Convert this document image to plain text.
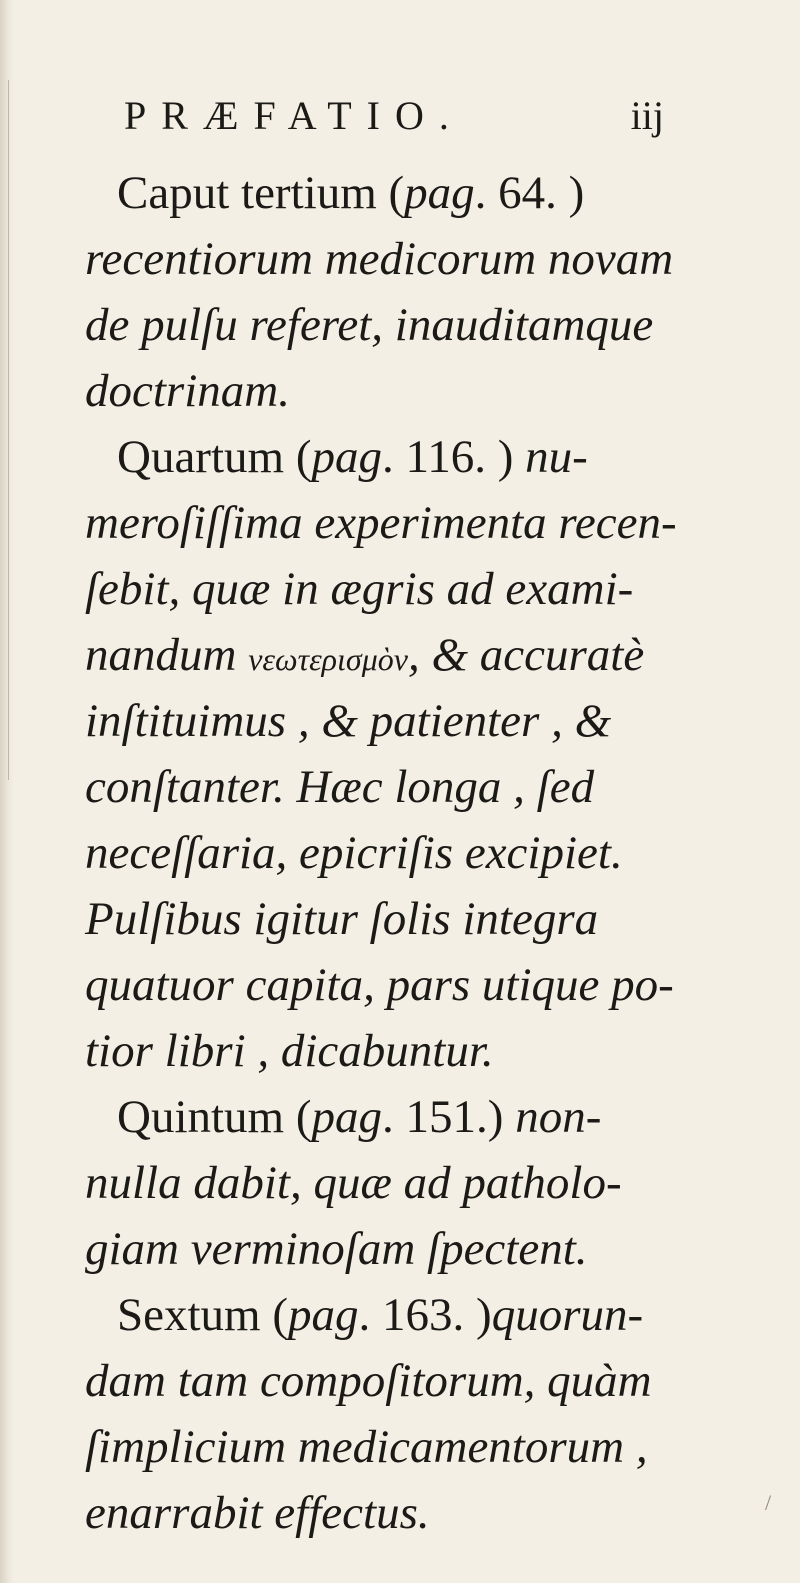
PRÆFATIO.	iij
Caput tertium (pag. 64. )
recentiorum medicorum novam
de pulſu referet, inauditamque
doctrinam.
Quartum (pag. 116. ) nu-
meroſiſſima experimenta recen-
ſebit, quæ in ægris ad exami-
nandum νεωτερισμὸν, & accuratè
inſtituimus , & patienter , &
conſtanter. Hæc longa , ſed
neceſſaria, epicriſis excipiet.
Pulſibus igitur ſolis integra
quatuor capita, pars utique po-
tior libri , dicabuntur.
Quintum (pag. 151.) non-
nulla dabit, quæ ad patholo-
giam verminoſam ſpectent.
Sextum (pag. 163. )quorun-
dam tam compoſitorum, quàm
ſimplicium medicamentorum ,
enarrabit effectus.	/
